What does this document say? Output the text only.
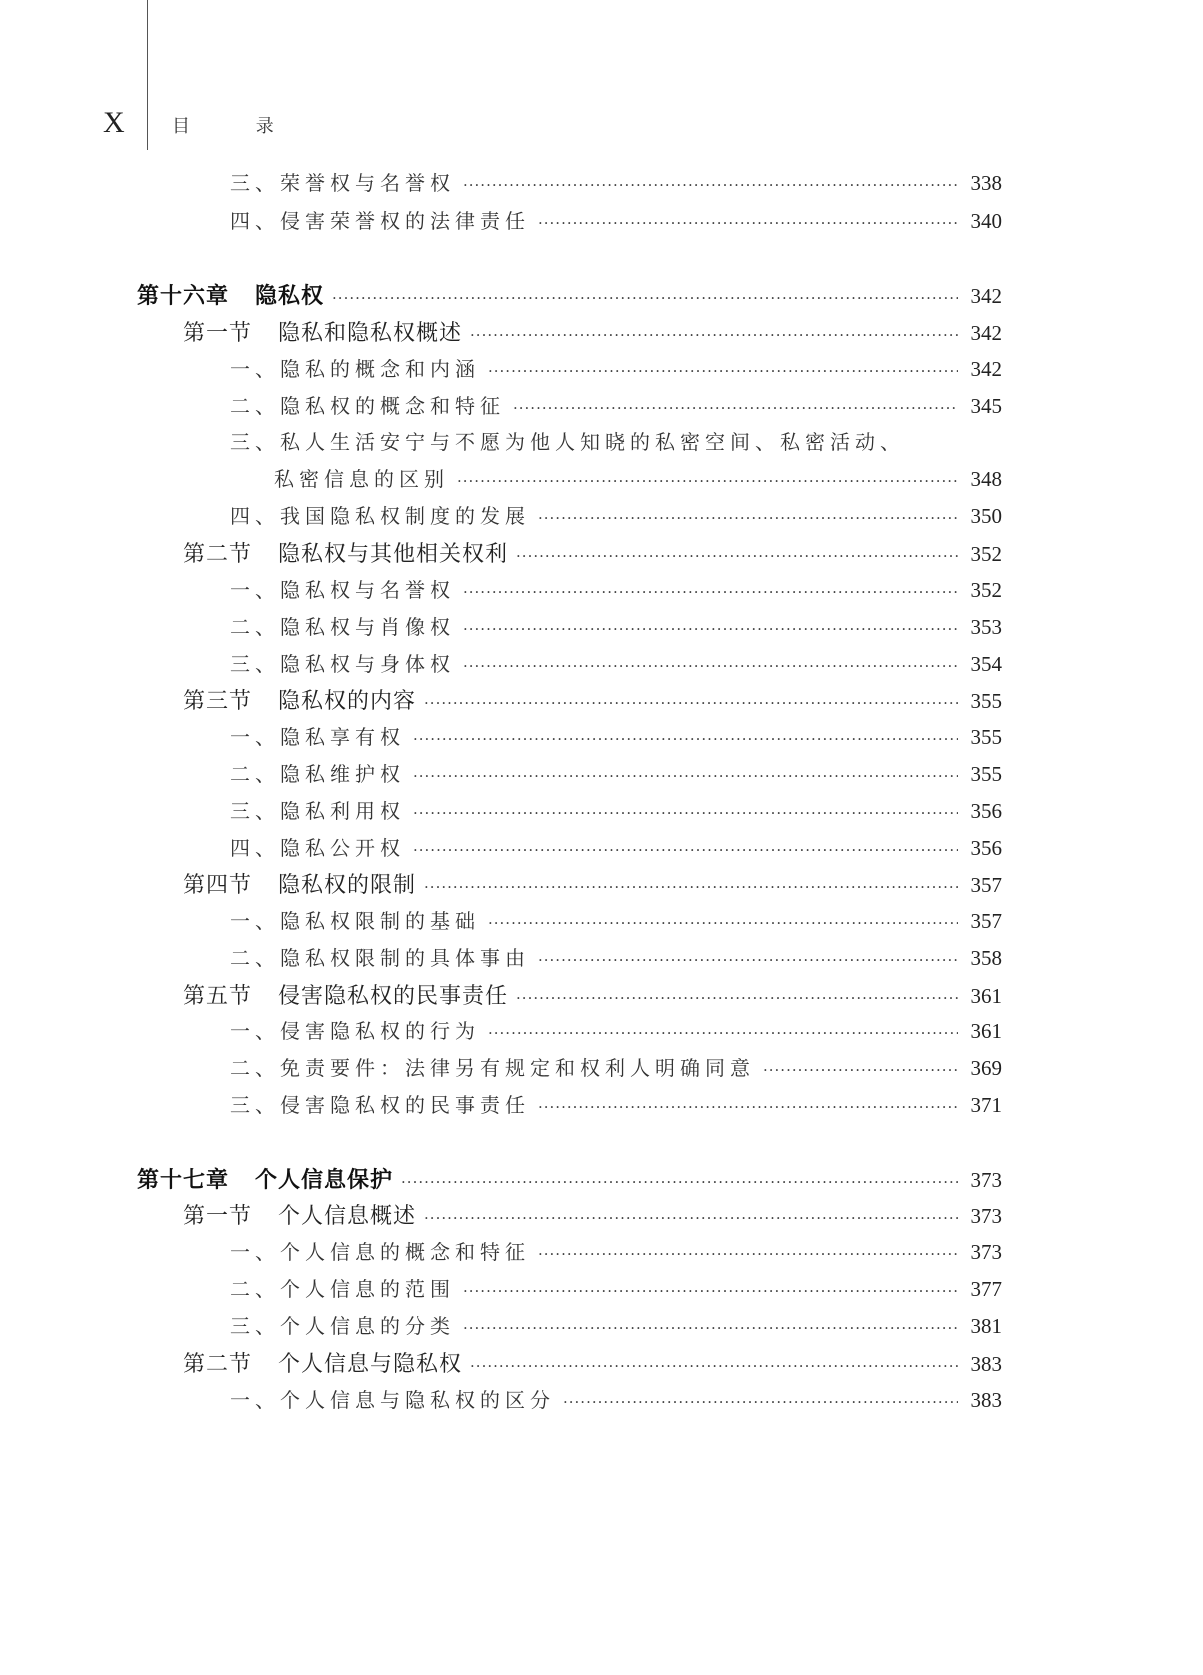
X	目 录
三、荣誉权与名誉权 ·····	338
四、侵害荣誉权的法律责任 ·····	340
第十六章 隐私权 ·····	342
第一节 隐私和隐私权概述 ·····	342
一、隐私的概念和内涵 ·····	342
二、隐私权的概念和特征 ·····	345
三、私人生活安宁与不愿为他人知晓的私密空间、私密活动、
私密信息的区别 ·····	348
四、我国隐私权制度的发展 ·····	350
第二节 隐私权与其他相关权利 ·····	352
一、隐私权与名誉权 ·····	352
二、隐私权与肖像权 ·····	353
三、隐私权与身体权 ·····	354
第三节 隐私权的内容 ·····	355
一、隐私享有权 ·····	355
二、隐私维护权 ·····	355
三、隐私利用权 ·····	356
四、隐私公开权 ·····	356
第四节 隐私权的限制 ·····	357
一、隐私权限制的基础 ·····	357
二、隐私权限制的具体事由 ·····	358
第五节 侵害隐私权的民事责任 ·····	361
一、侵害隐私权的行为 ·····	361
二、免责要件：法律另有规定和权利人明确同意 ·····	369
三、侵害隐私权的民事责任 ·····	371
第十七章 个人信息保护 ·····	373
第一节 个人信息概述 ·····	373
一、个人信息的概念和特征 ·····	373
二、个人信息的范围 ·····	377
三、个人信息的分类 ·····	381
第二节 个人信息与隐私权 ·····	383
一、个人信息与隐私权的区分 ·····	383
